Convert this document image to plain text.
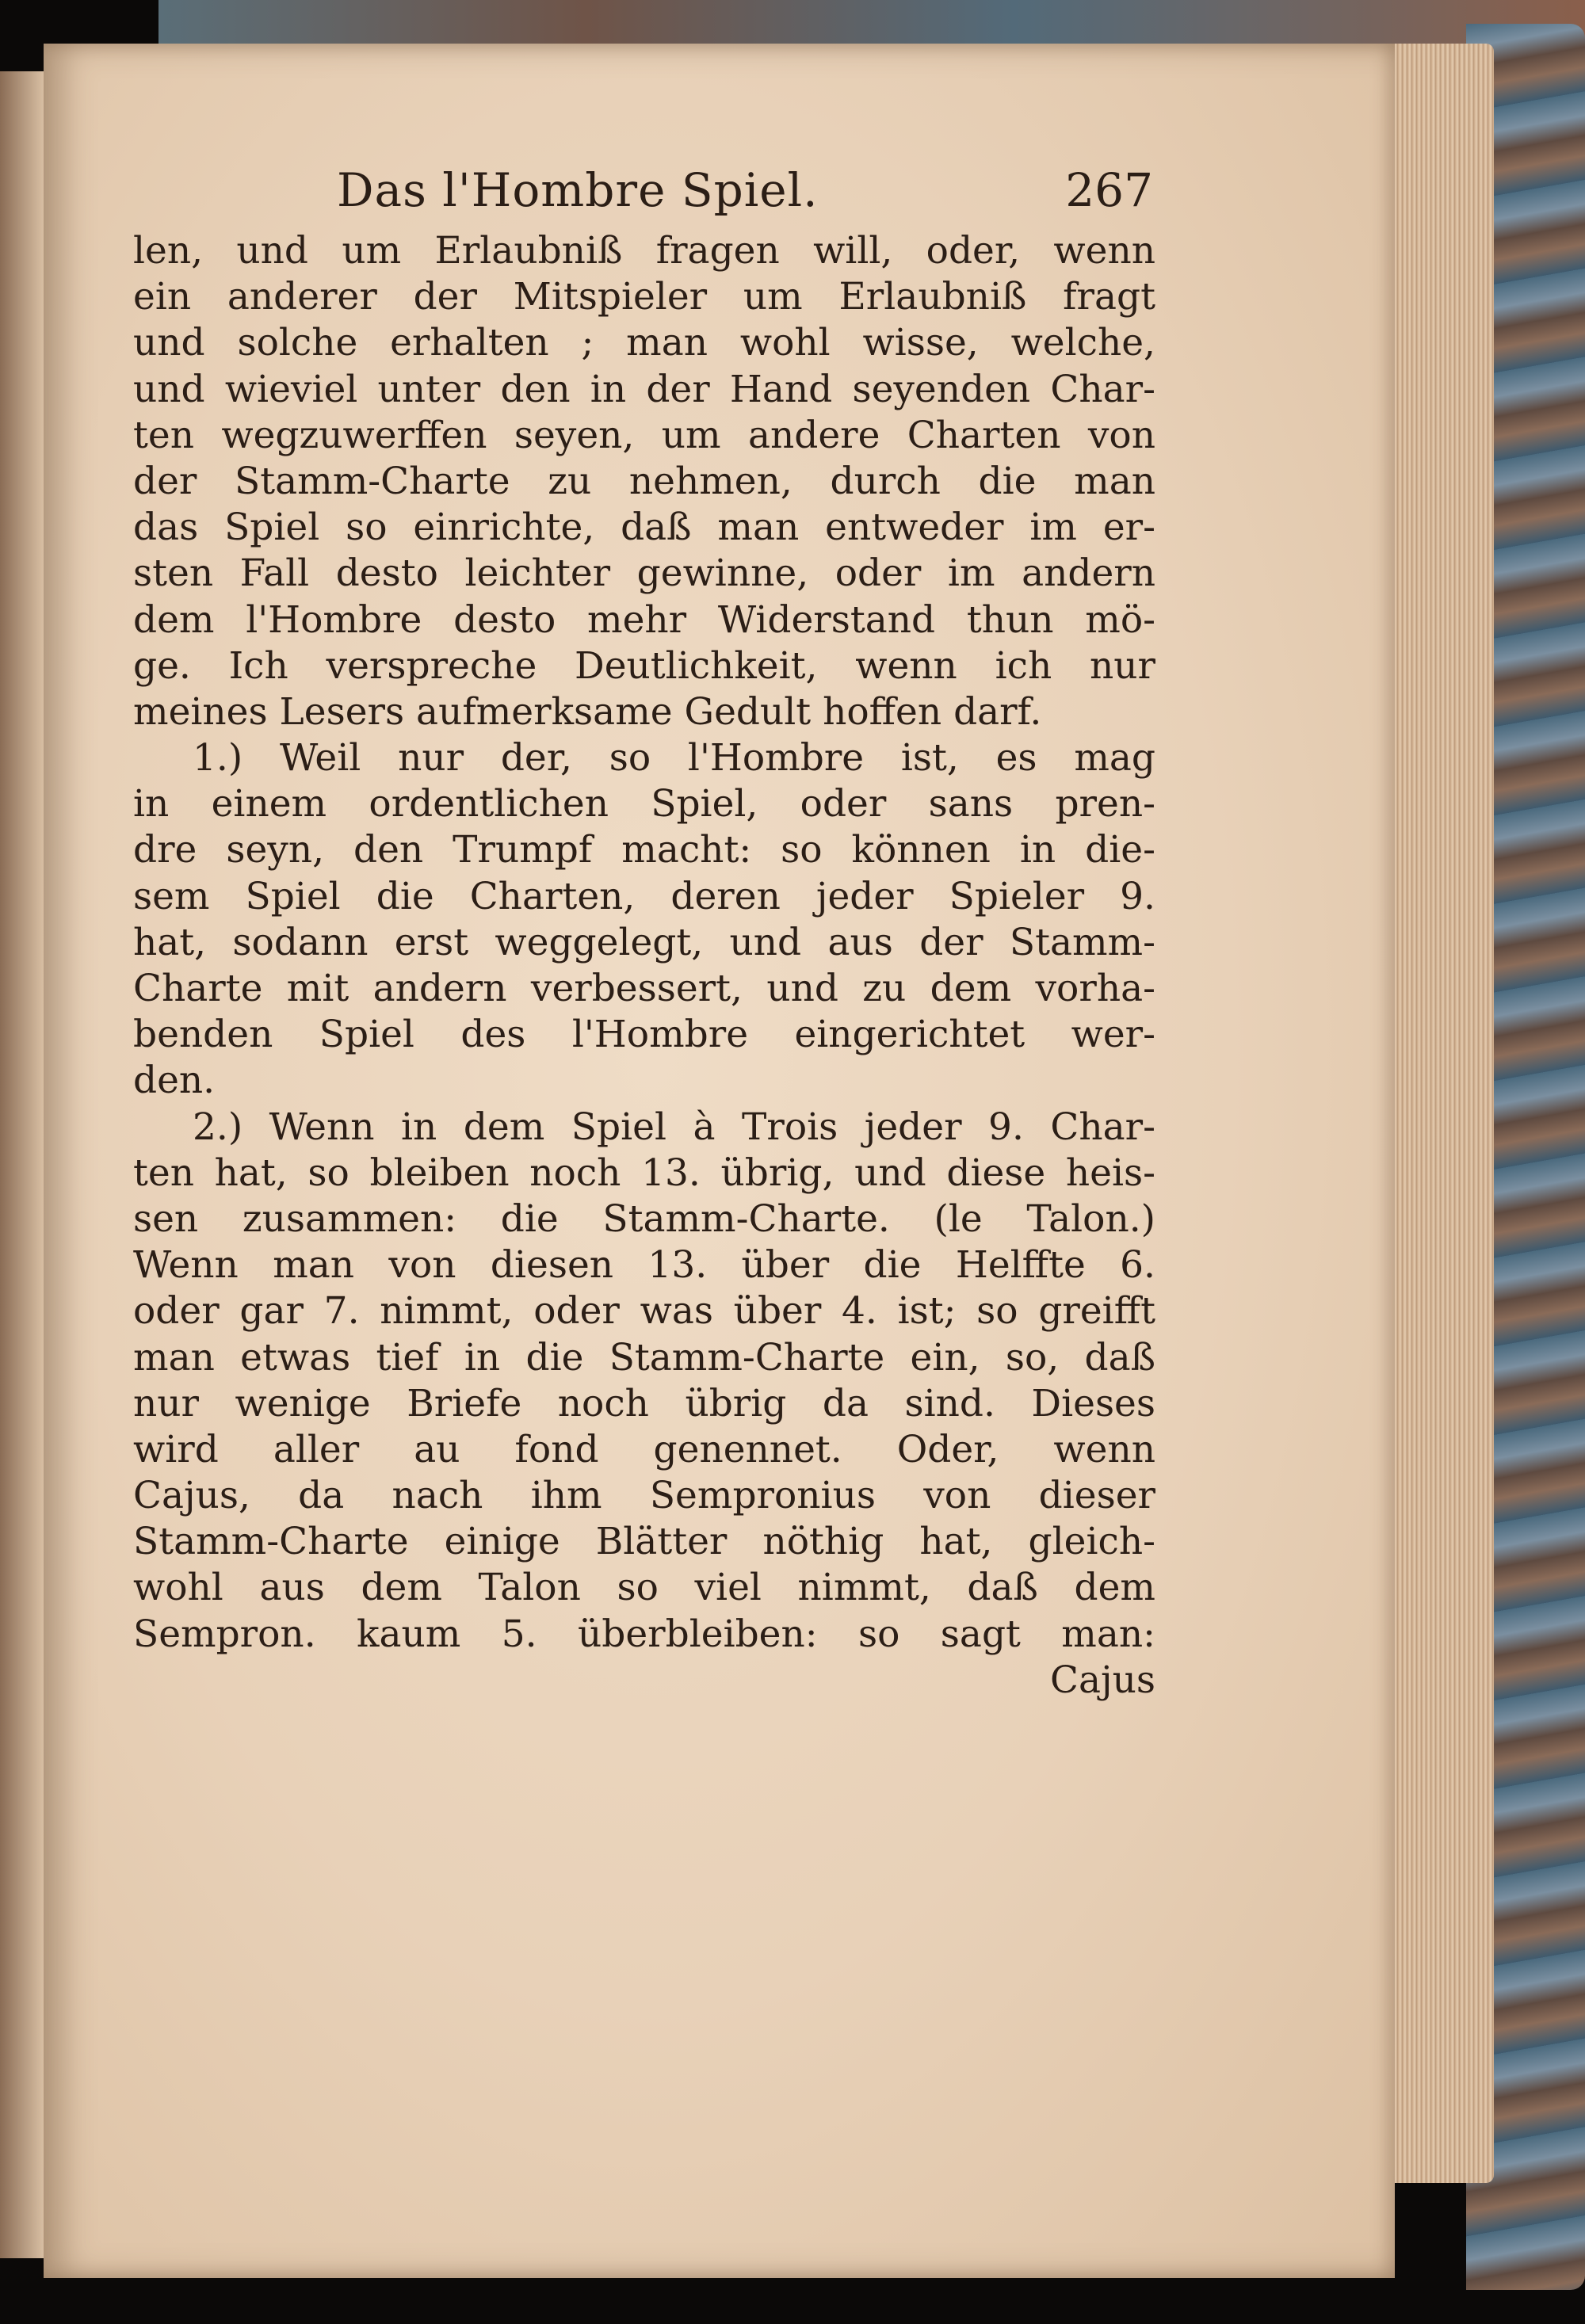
Das l'Hombre Spiel.	267
len, und um Erlaubniß fragen will, oder, wenn
ein anderer der Mitspieler um Erlaubniß fragt
und solche erhalten ; man wohl wisse, welche,
und wieviel unter den in der Hand seyenden Char-
ten wegzuwerffen seyen, um andere Charten von
der Stamm-Charte zu nehmen, durch die man
das Spiel so einrichte, daß man entweder im er-
sten Fall desto leichter gewinne, oder im andern
dem l'Hombre desto mehr Widerstand thun mö-
ge. Ich verspreche Deutlichkeit, wenn ich nur
meines Lesers aufmerksame Gedult hoffen darf.
1.) Weil nur der, so l'Hombre ist, es mag
in einem ordentlichen Spiel, oder sans pren-
dre seyn, den Trumpf macht: so können in die-
sem Spiel die Charten, deren jeder Spieler 9.
hat, sodann erst weggelegt, und aus der Stamm-
Charte mit andern verbessert, und zu dem vorha-
benden Spiel des l'Hombre eingerichtet wer-
den.
2.) Wenn in dem Spiel à Trois jeder 9. Char-
ten hat, so bleiben noch 13. übrig, und diese heis-
sen zusammen: die Stamm-Charte. (le Talon.)
Wenn man von diesen 13. über die Helffte 6.
oder gar 7. nimmt, oder was über 4. ist; so greifft
man etwas tief in die Stamm-Charte ein, so, daß
nur wenige Briefe noch übrig da sind. Dieses
wird aller au fond genennet. Oder, wenn
Cajus, da nach ihm Sempronius von dieser
Stamm-Charte einige Blätter nöthig hat, gleich-
wohl aus dem Talon so viel nimmt, daß dem
Sempron. kaum 5. überbleiben: so sagt man:
Cajus
